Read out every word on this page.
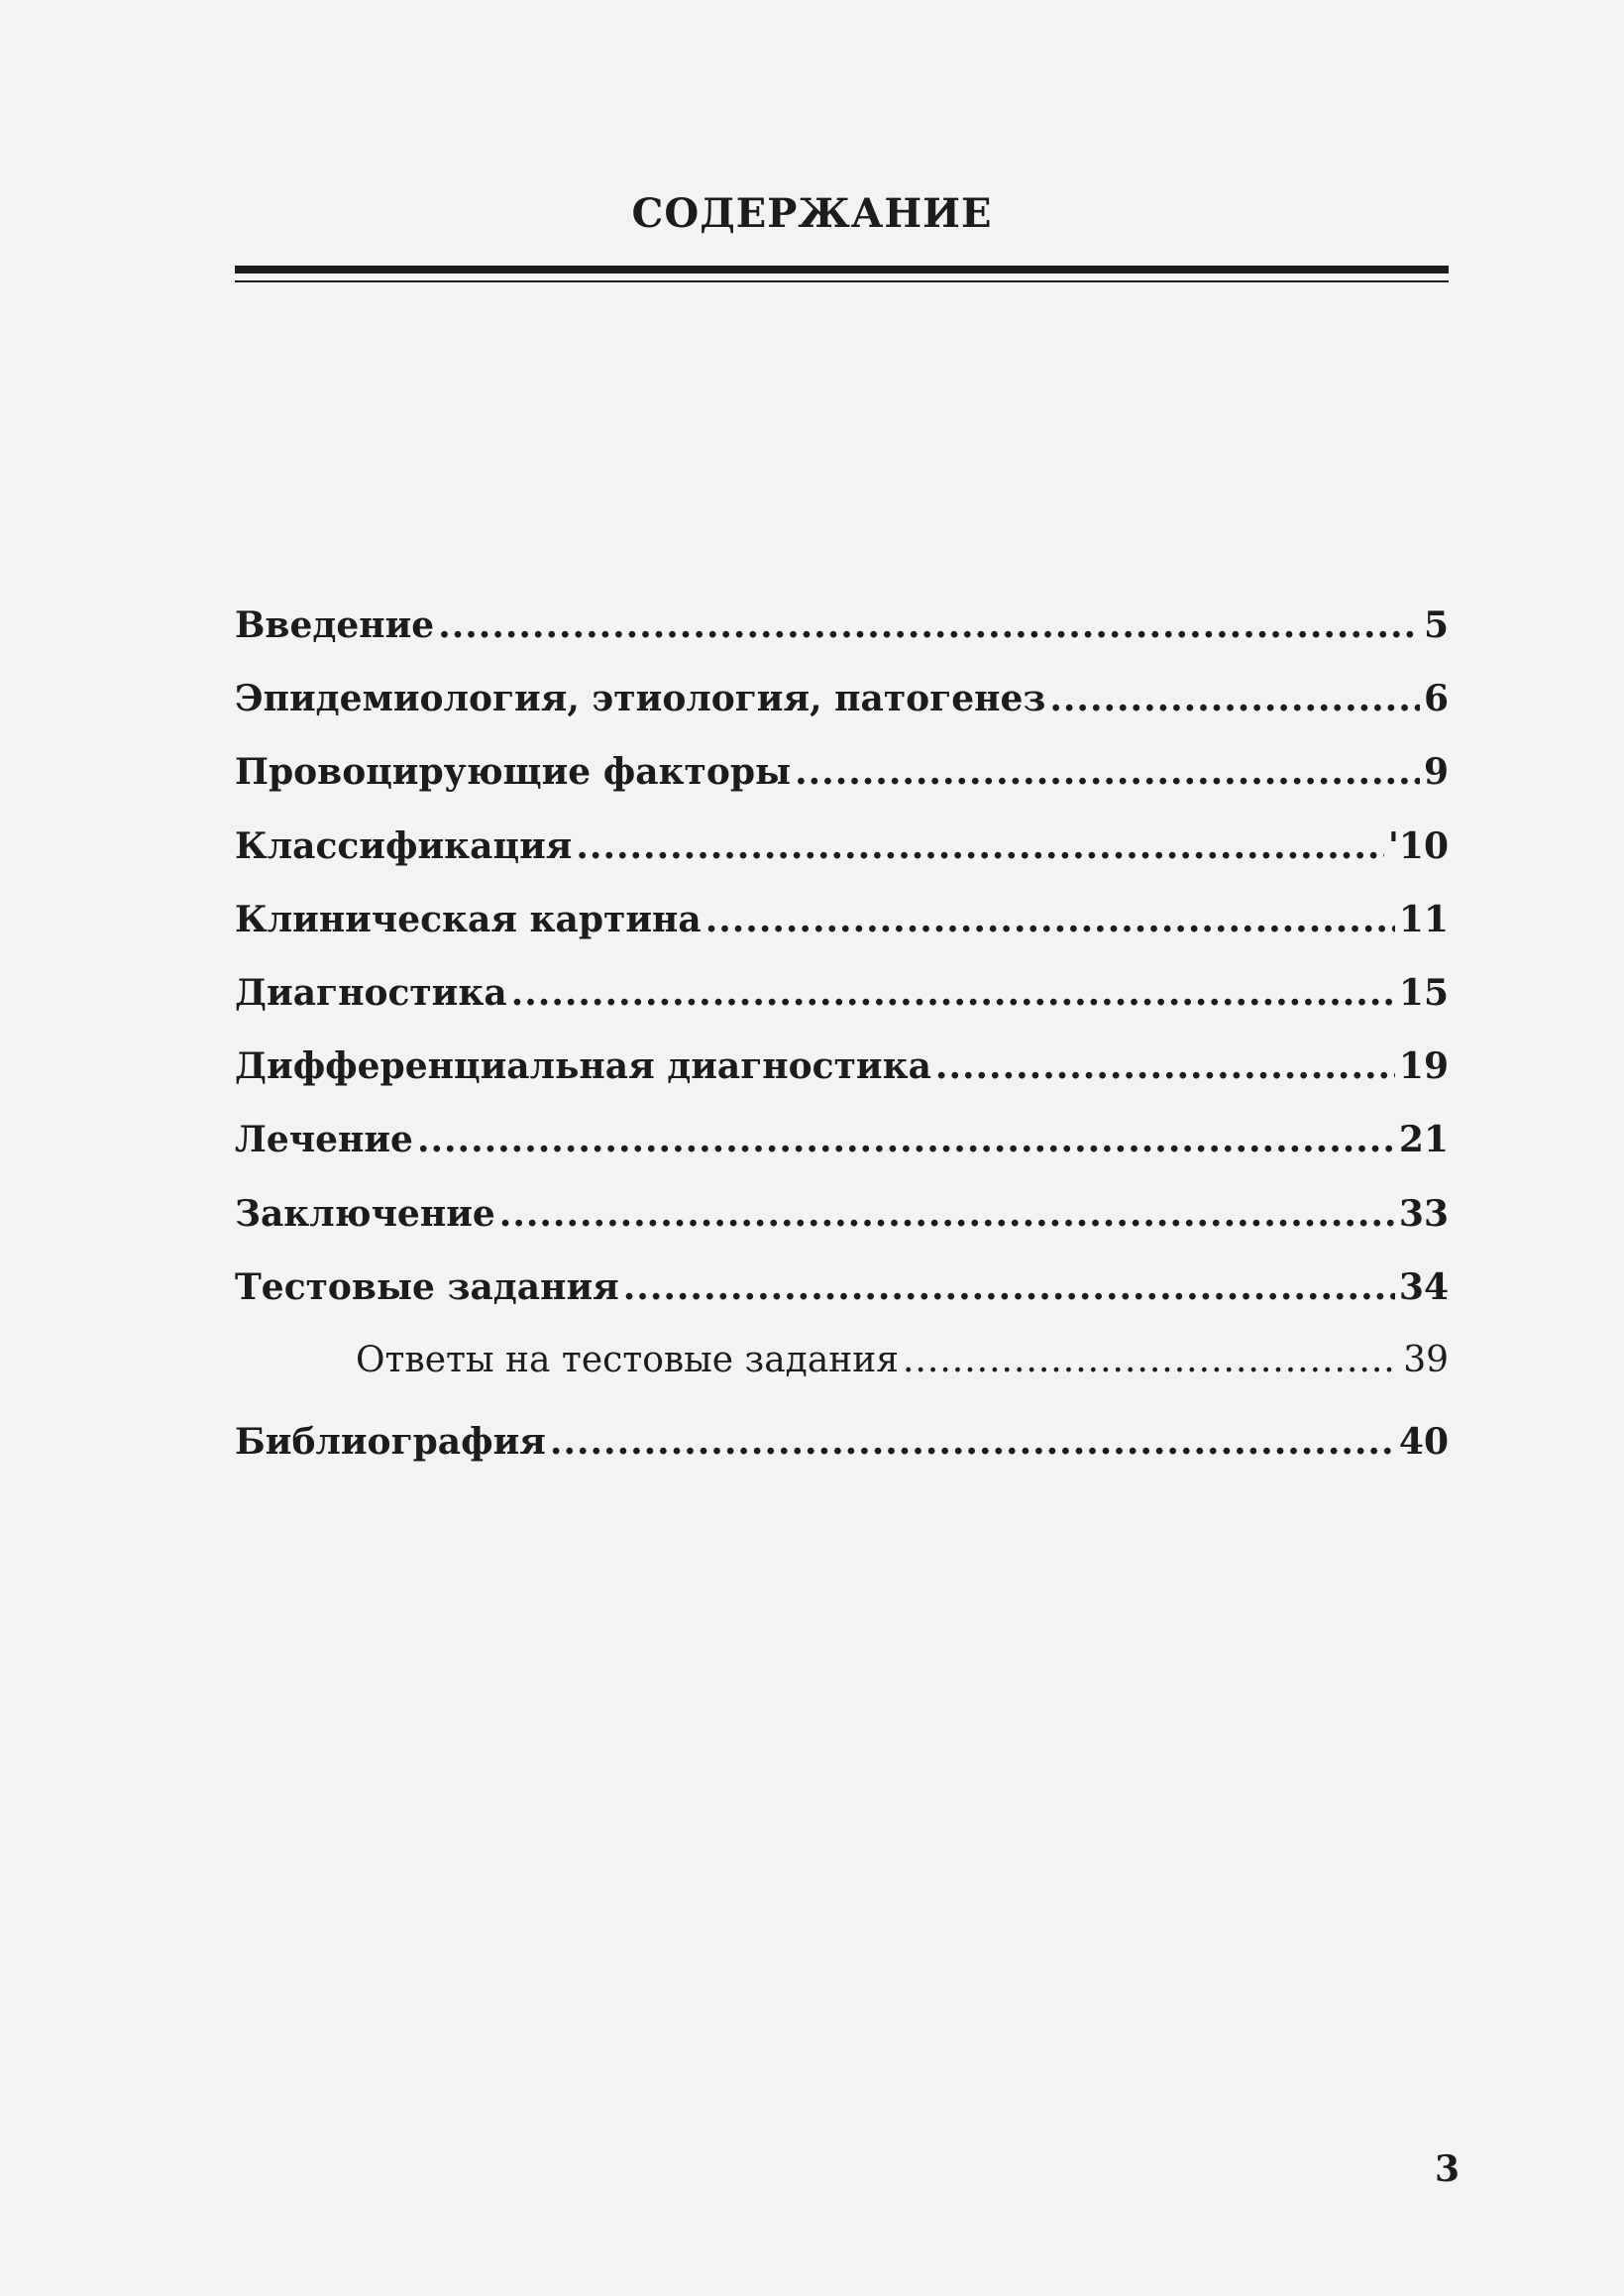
СОДЕРЖАНИЕ
Введение .....	5
Эпидемиология, этиология, патогенез .....	6
Провоцирующие факторы .....	9
Классификация .....	'10
Клиническая картина .....	11
Диагностика .....	15
Дифференциальная диагностика .....	19
Лечение .....	21
Заключение .....	33
Тестовые задания .....	34
Ответы на тестовые задания .....	39
Библиография .....	40
3
